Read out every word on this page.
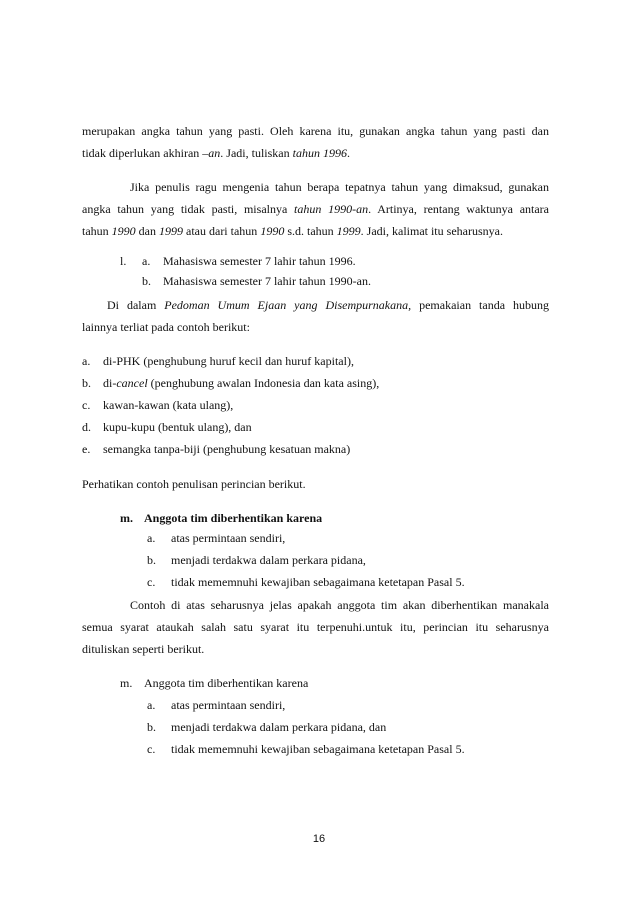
merupakan angka tahun yang pasti. Oleh karena itu, gunakan angka tahun yang pasti dan
tidak diperlukan akhiran –an. Jadi, tuliskan tahun 1996.
Jika penulis ragu mengenia tahun berapa tepatnya tahun yang dimaksud, gunakan
angka tahun yang tidak pasti, misalnya tahun 1990-an. Artinya, rentang waktunya antara
tahun 1990 dan 1999 atau dari tahun 1990 s.d. tahun 1999. Jadi, kalimat itu seharusnya.
l. a. Mahasiswa semester 7 lahir tahun 1996.
b. Mahasiswa semester 7 lahir tahun 1990-an.
Di dalam Pedoman Umum Ejaan yang Disempurnakana, pemakaian tanda hubung
lainnya terliat pada contoh berikut:
a. di-PHK (penghubung huruf kecil dan huruf kapital),
b. di-cancel (penghubung awalan Indonesia dan kata asing),
c. kawan-kawan (kata ulang),
d. kupu-kupu (bentuk ulang), dan
e. semangka tanpa-biji (penghubung kesatuan makna)
Perhatikan contoh penulisan perincian berikut.
m. Anggota tim diberhentikan karena
a. atas permintaan sendiri,
b. menjadi terdakwa dalam perkara pidana,
c. tidak mememnuhi kewajiban sebagaimana ketetapan Pasal 5.
Contoh di atas seharusnya jelas apakah anggota tim akan diberhentikan manakala
semua syarat ataukah salah satu syarat itu terpenuhi.untuk itu, perincian itu seharusnya
dituliskan seperti berikut.
m. Anggota tim diberhentikan karena
a. atas permintaan sendiri,
b. menjadi terdakwa dalam perkara pidana, dan
c. tidak mememnuhi kewajiban sebagaimana ketetapan Pasal 5.
16
